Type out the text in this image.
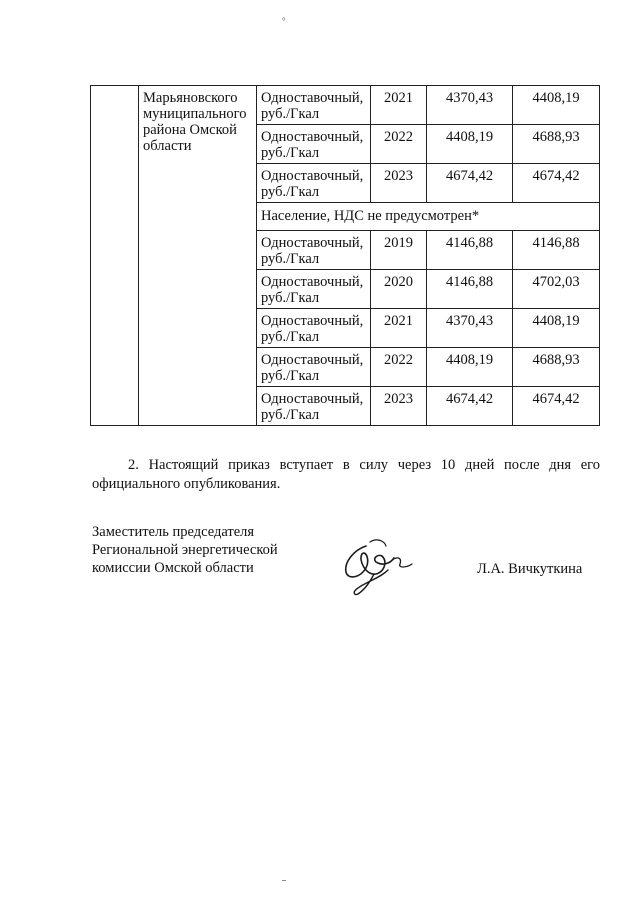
°
	Марьяновского муниципального района Омской области	Одноставочный, руб./Гкал	2021	4370,43	4408,19
		Одноставочный, руб./Гкал	2022	4408,19	4688,93
		Одноставочный, руб./Гкал	2023	4674,42	4674,42
		Население, НДС не предусмотрен*			
		Одноставочный, руб./Гкал	2019	4146,88	4146,88
		Одноставочный, руб./Гкал	2020	4146,88	4702,03
		Одноставочный, руб./Гкал	2021	4370,43	4408,19
		Одноставочный, руб./Гкал	2022	4408,19	4688,93
		Одноставочный, руб./Гкал	2023	4674,42	4674,42

2. Настоящий приказ вступает в силу через 10 дней после дня его официального опубликования.

Заместитель председателя
Региональной энергетической
комиссии Омской области	Л.А. Вичкуткина
